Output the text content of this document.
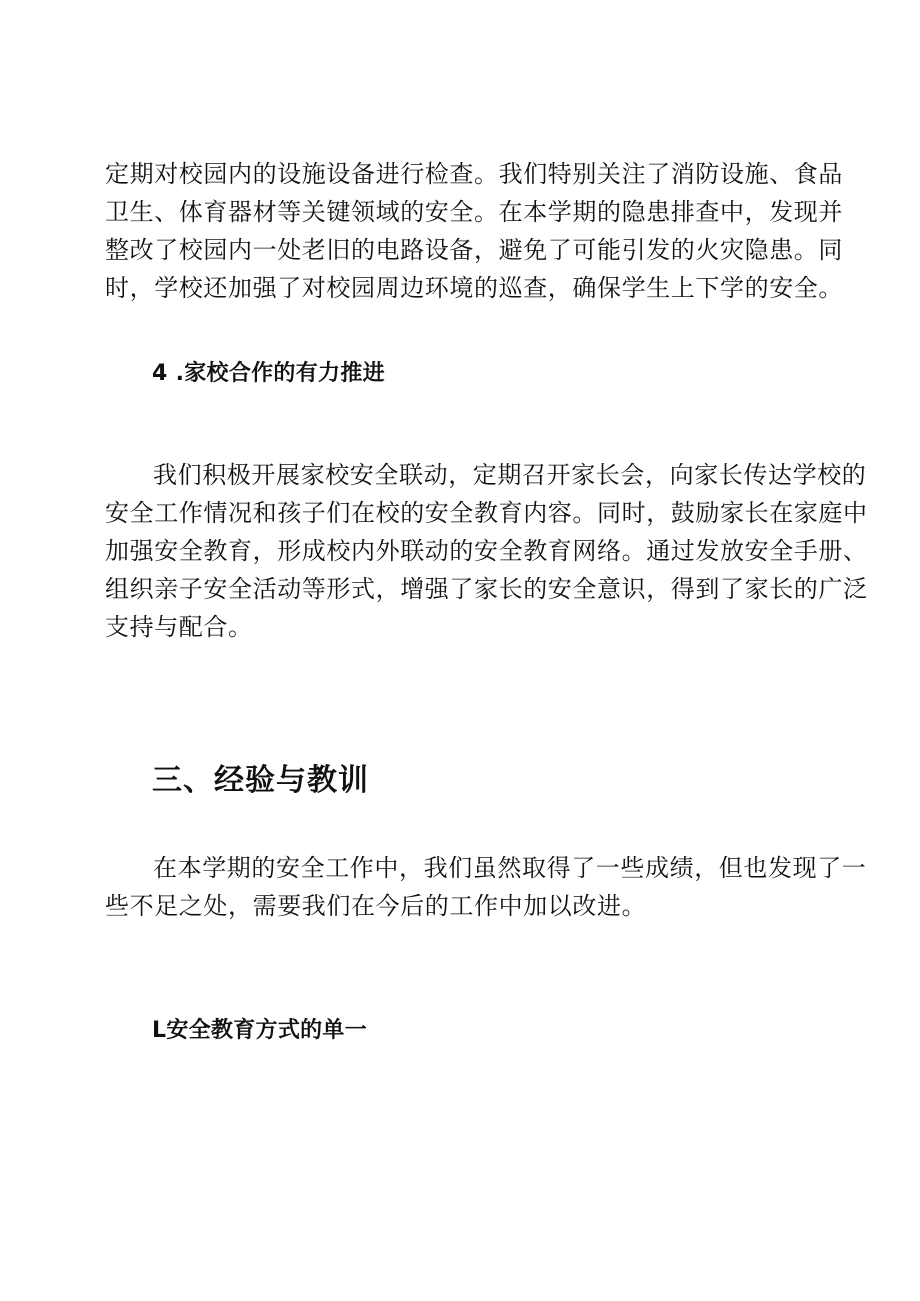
定期对校园内的设施设备进行检查。我们特别关注了消防设施、食品
卫生、体育器材等关键领域的安全。在本学期的隐患排查中，发现并
整改了校园内一处老旧的电路设备，避免了可能引发的火灾隐患。同
时，学校还加强了对校园周边环境的巡查，确保学生上下学的安全。
4 .家校合作的有力推进
我们积极开展家校安全联动，定期召开家长会，向家长传达学校的
安全工作情况和孩子们在校的安全教育内容。同时，鼓励家长在家庭中
加强安全教育，形成校内外联动的安全教育网络。通过发放安全手册、
组织亲子安全活动等形式，增强了家长的安全意识，得到了家长的广泛
支持与配合。
三、经验与教训
在本学期的安全工作中，我们虽然取得了一些成绩，但也发现了一
些不足之处，需要我们在今后的工作中加以改进。
L安全教育方式的单一
